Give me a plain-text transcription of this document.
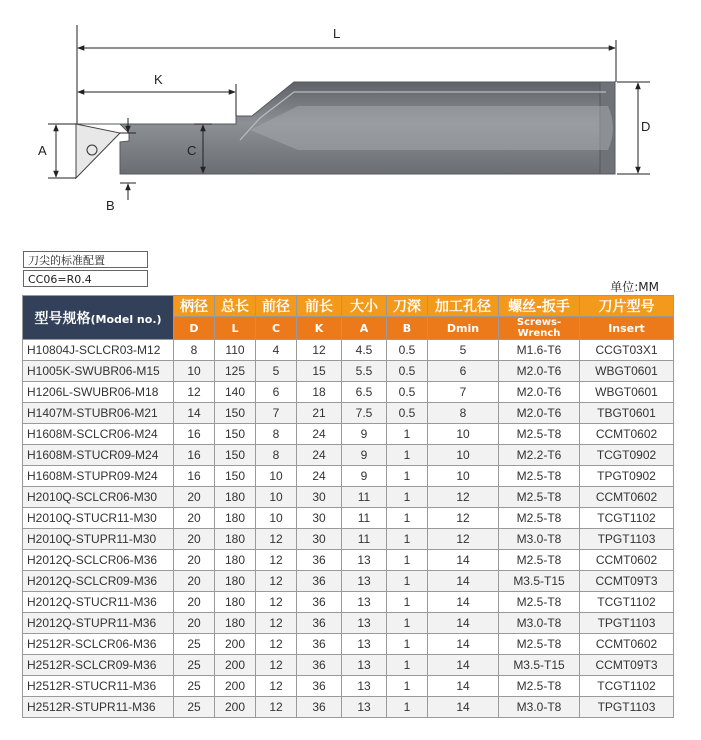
L
K
A	C
D
B
刀尖的标准配置
CC06=R0.4
单位:MM
型号规格(Model no.)	柄径	总长	前径	前长	大小	刀深	加工孔径	螺丝-扳手	刀片型号
	D	L	C	K	A	B	Dmin	Screws-Wrench	Insert
H10804J-SCLCR03-M12	8	110	4	12	4.5	0.5	5	M1.6-T6	CCGT03X1
H1005K-SWUBR06-M15	10	125	5	15	5.5	0.5	6	M2.0-T6	WBGT0601
H1206L-SWUBR06-M18	12	140	6	18	6.5	0.5	7	M2.0-T6	WBGT0601
H1407M-STUBR06-M21	14	150	7	21	7.5	0.5	8	M2.0-T6	TBGT0601
H1608M-SCLCR06-M24	16	150	8	24	9	1	10	M2.5-T8	CCMT0602
H1608M-STUCR09-M24	16	150	8	24	9	1	10	M2.2-T6	TCGT0902
H1608M-STUPR09-M24	16	150	10	24	9	1	10	M2.5-T8	TPGT0902
H2010Q-SCLCR06-M30	20	180	10	30	11	1	12	M2.5-T8	CCMT0602
H2010Q-STUCR11-M30	20	180	10	30	11	1	12	M2.5-T8	TCGT1102
H2010Q-STUPR11-M30	20	180	12	30	11	1	12	M3.0-T8	TPGT1103
H2012Q-SCLCR06-M36	20	180	12	36	13	1	14	M2.5-T8	CCMT0602
H2012Q-SCLCR09-M36	20	180	12	36	13	1	14	M3.5-T15	CCMT09T3
H2012Q-STUCR11-M36	20	180	12	36	13	1	14	M2.5-T8	TCGT1102
H2012Q-STUPR11-M36	20	180	12	36	13	1	14	M3.0-T8	TPGT1103
H2512R-SCLCR06-M36	25	200	12	36	13	1	14	M2.5-T8	CCMT0602
H2512R-SCLCR09-M36	25	200	12	36	13	1	14	M3.5-T15	CCMT09T3
H2512R-STUCR11-M36	25	200	12	36	13	1	14	M2.5-T8	TCGT1102
H2512R-STUPR11-M36	25	200	12	36	13	1	14	M3.0-T8	TPGT1103
